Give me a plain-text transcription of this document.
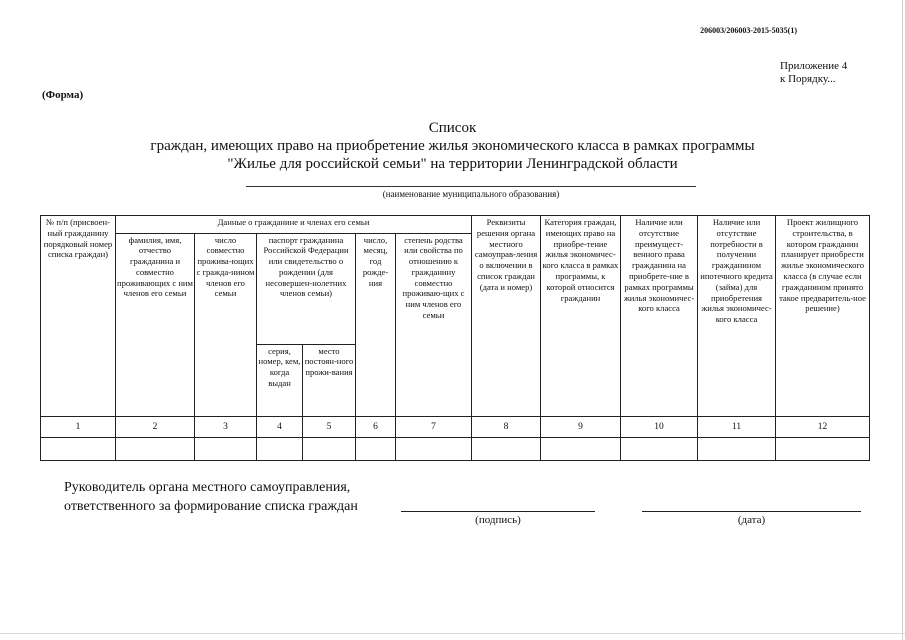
206003/206003-2015-5035(1)
Приложение 4
к Порядку...
(Форма)
Список
граждан, имеющих право на приобретение жилья экономического класса в рамках программы
"Жилье для российской семьи" на территории Ленинградской области
(наименование муниципального образования)
№ п/п (присвоен-ный гражданину порядковый номер списка граждан)	Данные о гражданине и членах его семьи						Реквизиты решения органа местного самоуправ-ления о включении в список граждан (дата и номер)	Категория граждан, имеющих право на приобре-тение жилья экономичес-кого класса в рамках программы, к которой относится гражданин	Наличие или отсутствие преимущест-венного права гражданина на приобрете-ние в рамках программы жилья экономичес-кого класса	Наличие или отсутствие потребности в получении гражданином ипотечного кредита (займа) для приобретения жилья экономичес-кого класса	Проект жилищного строительства, в котором гражданин планирует приобрести жилье экономического класса (в случае если гражданином принято такое предваритель-ное решение)
	фамилия, имя, отчество гражданина и совместно проживающих с ним членов его семьи	число совместно прожива-ющих с гражда-нином членов его семьи	паспорт гражданина Российской Федерации или свидетельство о рождении (для несовершен-нолетних членов семьи)		число, месяц, год рожде-ния	степень родства или свойства по отношению к гражданину совместно проживаю-щих с ним членов его семьи					
			серия, номер, кем, когда выдан	место постоян-ного прожи-вания							
1	2	3	4	5	6	7	8	9	10	11	12

Руководитель органа местного самоуправления,
ответственного за формирование списка граждан
(подпись)	(дата)
